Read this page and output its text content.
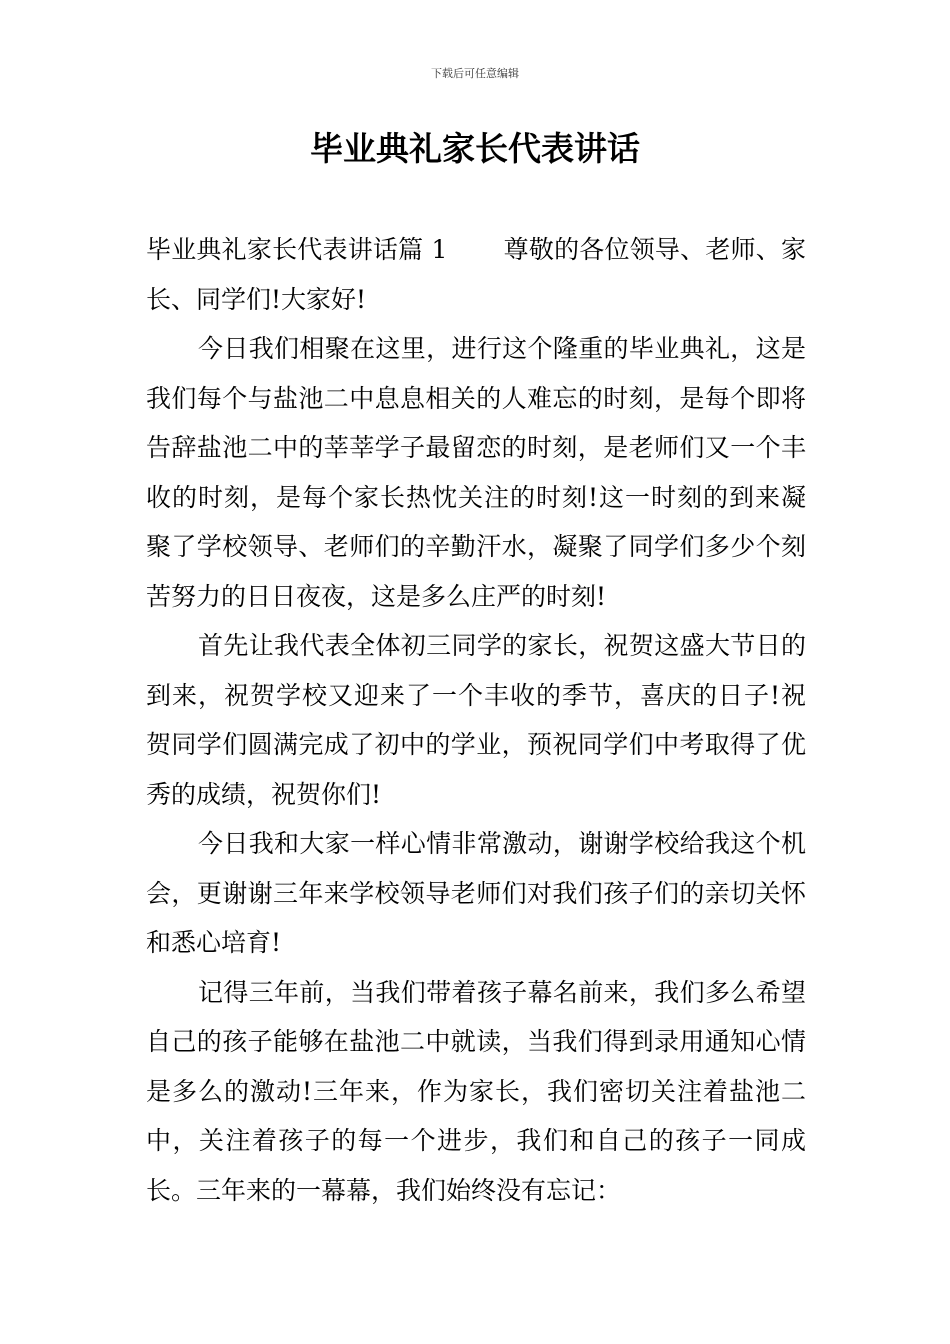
下载后可任意编辑
毕业典礼家长代表讲话

毕业典礼家长代表讲话篇 1 尊敬的各位领导、老师、家长、同学们!大家好!

今日我们相聚在这里，进行这个隆重的毕业典礼，这是我们每个与盐池二中息息相关的人难忘的时刻，是每个即将告辞盐池二中的莘莘学子最留恋的时刻，是老师们又一个丰收的时刻，是每个家长热忱关注的时刻!这一时刻的到来凝聚了学校领导、老师们的辛勤汗水，凝聚了同学们多少个刻苦努力的日日夜夜，这是多么庄严的时刻!

首先让我代表全体初三同学的家长，祝贺这盛大节日的到来，祝贺学校又迎来了一个丰收的季节，喜庆的日子!祝贺同学们圆满完成了初中的学业，预祝同学们中考取得了优秀的成绩，祝贺你们!

今日我和大家一样心情非常激动，谢谢学校给我这个机会，更谢谢三年来学校领导老师们对我们孩子们的亲切关怀和悉心培育!

记得三年前，当我们带着孩子幕名前来，我们多么希望自己的孩子能够在盐池二中就读，当我们得到录用通知心情是多么的激动!三年来，作为家长，我们密切关注着盐池二中，关注着孩子的每一个进步，我们和自己的孩子一同成长。三年来的一幕幕，我们始终没有忘记：
